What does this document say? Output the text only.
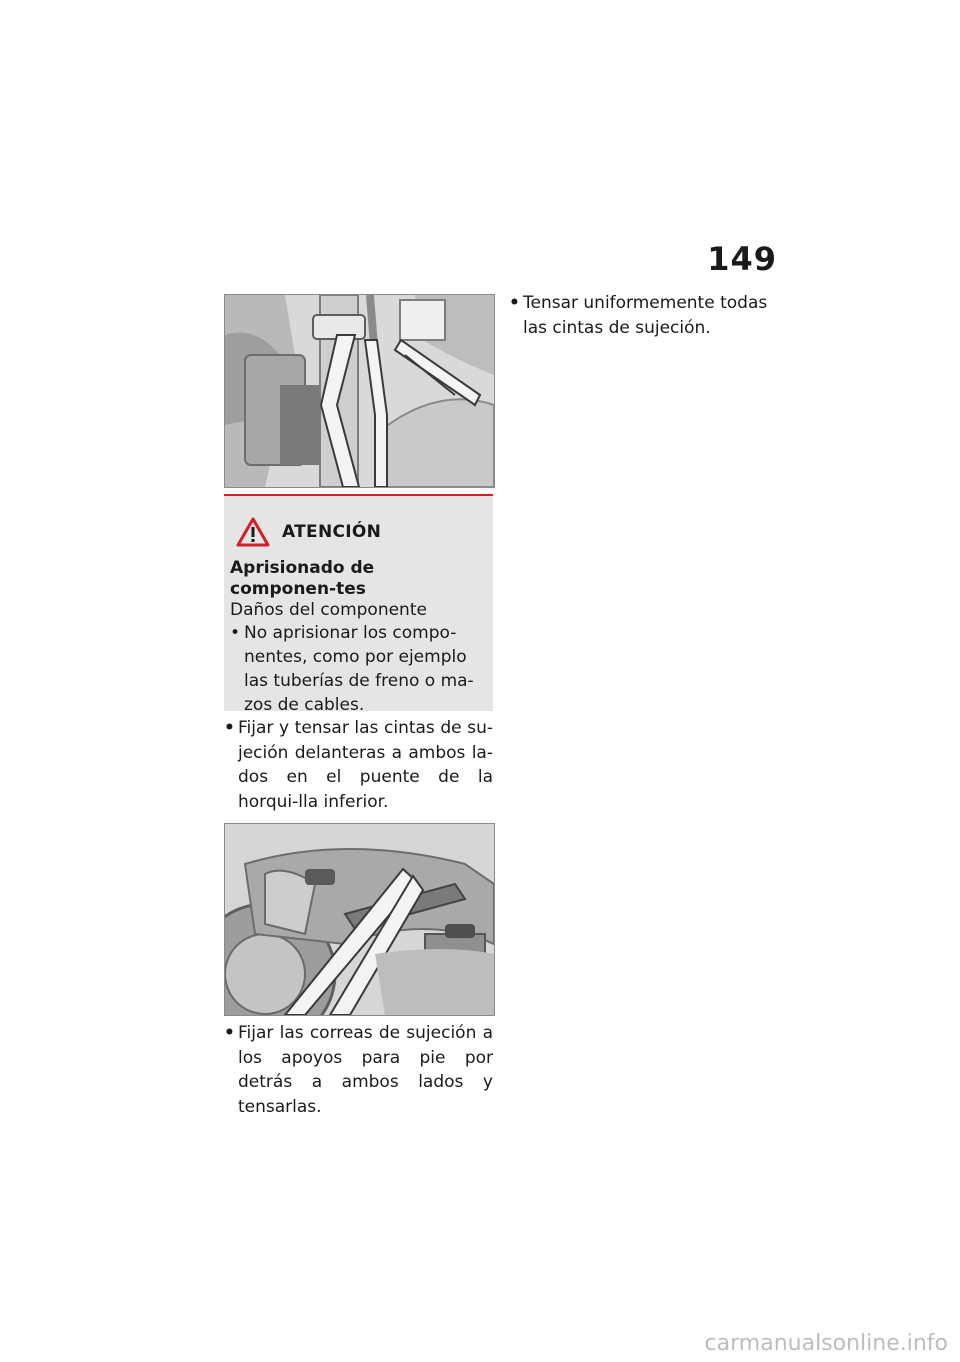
149
ATENCIÓN
Aprisionado de componen-tes
Daños del componente
• No aprisionar los compo-nentes, como por ejemplo las tuberías de freno o ma-zos de cables.
• Fijar y tensar las cintas de su-jeción delanteras a ambos la-dos en el puente de la horqui-lla inferior.
• Fijar las correas de sujeción a los apoyos para pie por detrás a ambos lados y tensarlas.
• Tensar uniformemente todas las cintas de sujeción.
carmanualsonline.info
